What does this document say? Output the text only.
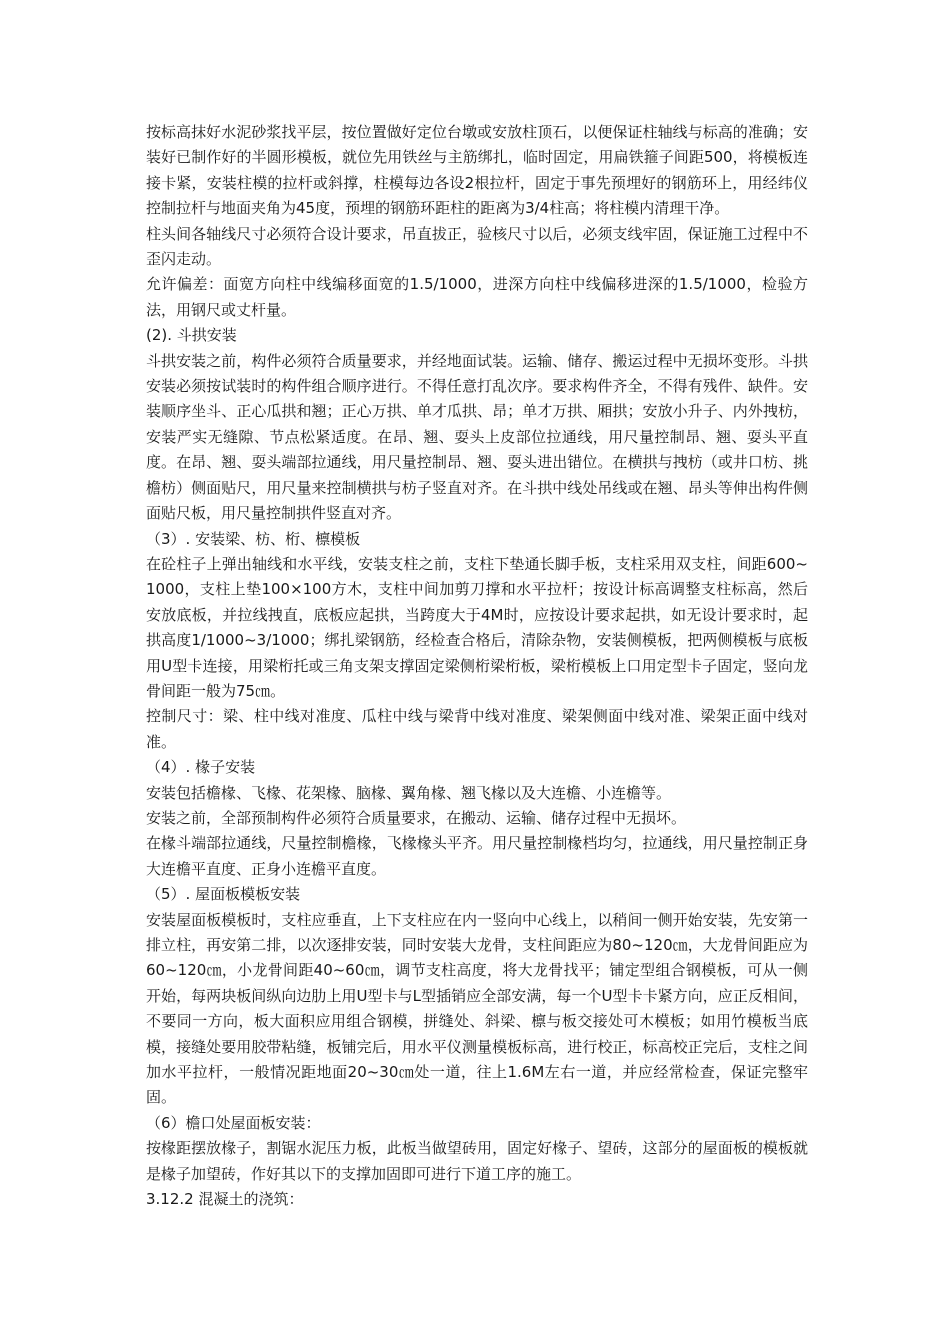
按标高抹好水泥砂浆找平层，按位置做好定位台墩或安放柱顶石，以便保证柱轴线与标高的准确；安装好已制作好的半圆形模板，就位先用铁丝与主筋绑扎，临时固定，用扁铁箍子间距500，将模板连接卡紧，安装柱模的拉杆或斜撑，柱模每边各设2根拉杆，固定于事先预埋好的钢筋环上，用经纬仪控制拉杆与地面夹角为45度，预埋的钢筋环距柱的距离为3/4柱高；将柱模内清理干净。

柱头间各轴线尺寸必须符合设计要求，吊直拔正，验核尺寸以后，必须支线牢固，保证施工过程中不歪闪走动。

允许偏差：面宽方向柱中线编移面宽的1.5/1000，进深方向柱中线偏移进深的1.5/1000，检验方法，用钢尺或丈杆量。

(2). 斗拱安装

斗拱安装之前，构件必须符合质量要求，并经地面试装。运输、储存、搬运过程中无损坏变形。斗拱安装必须按试装时的构件组合顺序进行。不得任意打乱次序。要求构件齐全，不得有残件、缺件。安装顺序坐斗、正心瓜拱和翘；正心万拱、单才瓜拱、昂；单才万拱、厢拱；安放小升子、内外拽枋，安装严实无缝隙、节点松紧适度。在昂、翘、耍头上皮部位拉通线，用尺量控制昂、翘、耍头平直度。在昂、翘、耍头端部拉通线，用尺量控制昂、翘、耍头进出错位。在横拱与拽枋（或井口枋、挑檐枋）侧面贴尺，用尺量来控制横拱与枋子竖直对齐。在斗拱中线处吊线或在翘、昂头等伸出构件侧面贴尺板，用尺量控制拱件竖直对齐。

（3）. 安装梁、枋、桁、檩模板

在砼柱子上弹出轴线和水平线，安装支柱之前，支柱下垫通长脚手板，支柱采用双支柱，间距600~1000，支柱上垫100×100方木，支柱中间加剪刀撑和水平拉杆；按设计标高调整支柱标高，然后安放底板，并拉线拽直，底板应起拱，当跨度大于4M时，应按设计要求起拱，如无设计要求时，起拱高度1/1000~3/1000；绑扎梁钢筋，经检查合格后，清除杂物，安装侧模板，把两侧模板与底板用U型卡连接，用梁桁托或三角支架支撑固定梁侧桁梁桁板，梁桁模板上口用定型卡子固定，竖向龙骨间距一般为75㎝。

控制尺寸：梁、柱中线对准度、瓜柱中线与梁背中线对准度、梁架侧面中线对准、梁架正面中线对准。

（4）. 椽子安装

安装包括檐椽、飞椽、花架椽、脑椽、翼角椽、翘飞椽以及大连檐、小连檐等。

安装之前，全部预制构件必须符合质量要求，在搬动、运输、储存过程中无损坏。

在椽斗端部拉通线，尺量控制檐椽，飞椽椽头平齐。用尺量控制椽档均匀，拉通线，用尺量控制正身大连檐平直度、正身小连檐平直度。

（5）. 屋面板模板安装

安装屋面板模板时，支柱应垂直，上下支柱应在内一竖向中心线上，以稍间一侧开始安装，先安第一排立柱，再安第二排，以次逐排安装，同时安装大龙骨，支柱间距应为80~120㎝，大龙骨间距应为60~120㎝，小龙骨间距40~60㎝，调节支柱高度，将大龙骨找平；铺定型组合钢模板，可从一侧开始，每两块板间纵向边肋上用U型卡与L型插销应全部安满，每一个U型卡卡紧方向，应正反相间，不要同一方向，板大面积应用组合钢模，拼缝处、斜梁、檩与板交接处可木模板；如用竹模板当底模，接缝处要用胶带粘缝，板铺完后，用水平仪测量模板标高，进行校正，标高校正完后，支柱之间加水平拉杆，一般情况距地面20~30㎝处一道，往上1.6M左右一道，并应经常检查，保证完整牢固。

（6）檐口处屋面板安装：

按椽距摆放椽子，割锯水泥压力板，此板当做望砖用，固定好椽子、望砖，这部分的屋面板的模板就是椽子加望砖，作好其以下的支撑加固即可进行下道工序的施工。

3.12.2 混凝土的浇筑：
